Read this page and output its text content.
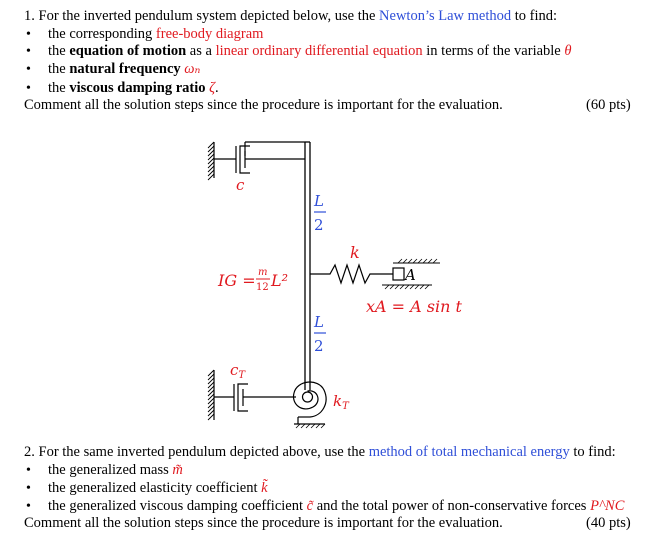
1. For the inverted pendulum system depicted below, use the Newton’s Law method to find:
• the corresponding free-body diagram
• the equation of motion as a linear ordinary differential equation in terms of the variable θ
• the natural frequency ωₙ
• the viscous damping ratio ζ.
Comment all the solution steps since the procedure is important for the evaluation.	(60 pts)
c
L
2
L
2
IG = m
12 L²
k
A
xA = A sin t
$c_T$
$k_T$
2. For the same inverted pendulum depicted above, use the method of total mechanical energy to find:
• the generalized mass m̃
• the generalized elasticity coefficient k̃
• the generalized viscous damping coefficient c̃ and the total power of non-conservative forces P^NC
Comment all the solution steps since the procedure is important for the evaluation.	(40 pts)
